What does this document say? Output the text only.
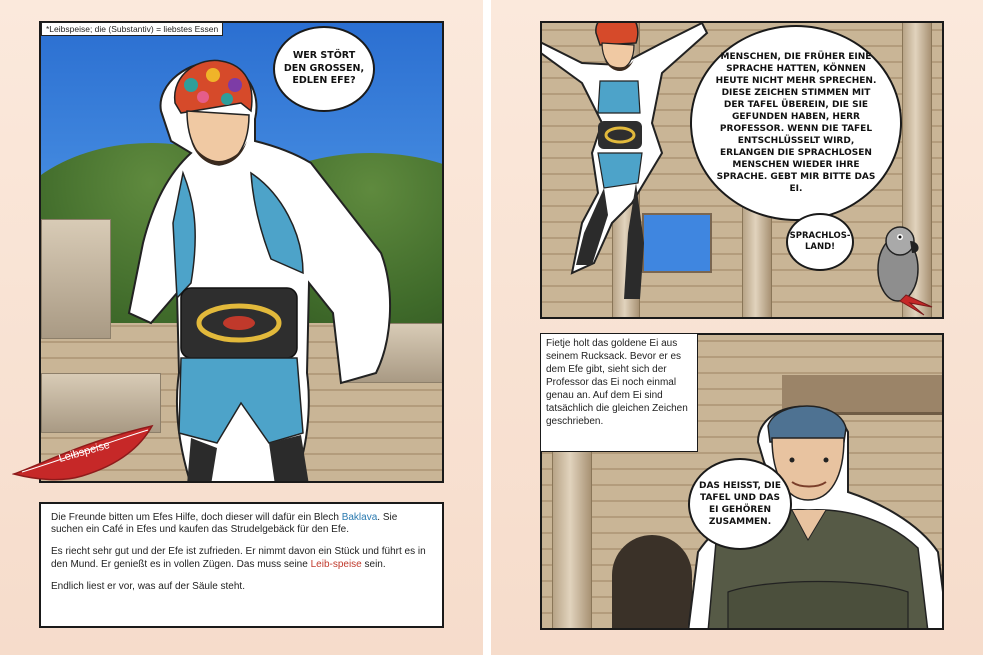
WER STÖRT DEN GROSSEN, EDLEN EFE?
*Leibspeise; die (Substantiv) = liebstes Essen
Leibspeise

Die Freunde bitten um Efes Hilfe, doch dieser will dafür ein Blech Baklava. Sie suchen ein Café in Efes und kaufen das Strudelgebäck für den Efe.

Es riecht sehr gut und der Efe ist zufrieden. Er nimmt davon ein Stück und führt es in den Mund. Er genießt es in vollen Zügen. Das muss seine Leib-speise sein.

Endlich liest er vor, was auf der Säule steht.

MENSCHEN, DIE FRÜHER EINE SPRACHE HATTEN, KÖNNEN HEUTE NICHT MEHR SPRECHEN. DIESE ZEICHEN STIMMEN MIT DER TAFEL ÜBEREIN, DIE SIE GEFUNDEN HABEN, HERR PROFESSOR. WENN DIE TAFEL ENTSCHLÜSSELT WIRD, ERLANGEN DIE SPRACHLOSEN MENSCHEN WIEDER IHRE SPRACHE. GEBT MIR BITTE DAS EI.
SPRACHLOS-LAND!
DAS HEISST, DIE TAFEL UND DAS EI GEHÖREN ZUSAMMEN.
Fietje holt das goldene Ei aus seinem Rucksack. Bevor er es dem Efe gibt, sieht sich der Professor das Ei noch einmal genau an. Auf dem Ei sind tatsächlich die gleichen Zeichen geschrieben.
